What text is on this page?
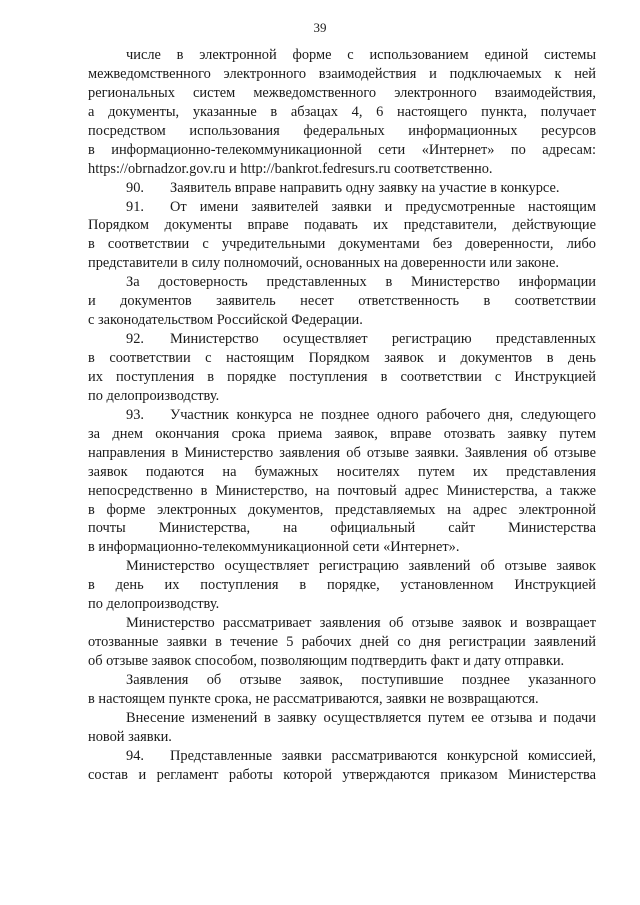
39
числе в электронной форме с использованием единой системы
межведомственного электронного взаимодействия и подключаемых к ней
региональных систем межведомственного электронного взаимодействия,
а документы, указанные в абзацах 4, 6 настоящего пункта, получает
посредством использования федеральных информационных ресурсов
в информационно-телекоммуникационной сети «Интернет» по адресам:
https://obrnadzor.gov.ru и http://bankrot.fedresurs.ru соответственно.
90. Заявитель вправе направить одну заявку на участие в конкурсе.
91. От имени заявителей заявки и предусмотренные настоящим
Порядком документы вправе подавать их представители, действующие
в соответствии с учредительными документами без доверенности, либо
представители в силу полномочий, основанных на доверенности или законе.
За достоверность представленных в Министерство информации
и документов заявитель несет ответственность в соответствии
с законодательством Российской Федерации.
92. Министерство осуществляет регистрацию представленных
в соответствии с настоящим Порядком заявок и документов в день
их поступления в порядке поступления в соответствии с Инструкцией
по делопроизводству.
93. Участник конкурса не позднее одного рабочего дня, следующего
за днем окончания срока приема заявок, вправе отозвать заявку путем
направления в Министерство заявления об отзыве заявки. Заявления об отзыве
заявок подаются на бумажных носителях путем их представления
непосредственно в Министерство, на почтовый адрес Министерства, а также
в форме электронных документов, представляемых на адрес электронной
почты Министерства, на официальный сайт Министерства
в информационно-телекоммуникационной сети «Интернет».
Министерство осуществляет регистрацию заявлений об отзыве заявок
в день их поступления в порядке, установленном Инструкцией
по делопроизводству.
Министерство рассматривает заявления об отзыве заявок и возвращает
отозванные заявки в течение 5 рабочих дней со дня регистрации заявлений
об отзыве заявок способом, позволяющим подтвердить факт и дату отправки.
Заявления об отзыве заявок, поступившие позднее указанного
в настоящем пункте срока, не рассматриваются, заявки не возвращаются.
Внесение изменений в заявку осуществляется путем ее отзыва и подачи
новой заявки.
94. Представленные заявки рассматриваются конкурсной комиссией,
состав и регламент работы которой утверждаются приказом Министерства
